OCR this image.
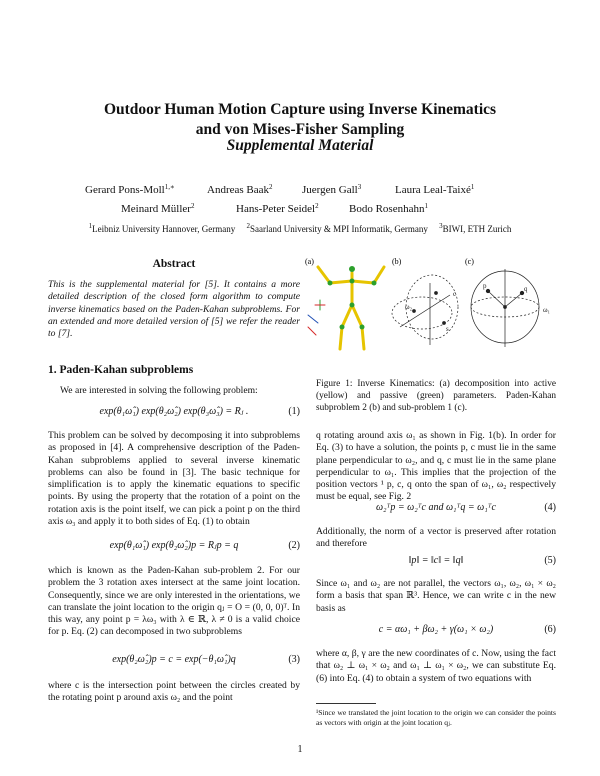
Outdoor Human Motion Capture using Inverse Kinematics
and von Mises-Fisher Sampling
Supplemental Material
Gerard Pons-Moll$^{1,∗}$	Andreas Baak$^2$	Juergen Gall$^3$	Laura Leal-Taixé$^1$
Meinard Müller$^2$	Hans-Peter Seidel$^2$	Bodo Rosenhahn$^1$
$^1$Leibniz University Hannover, Germany $^2$Saarland University & MPI Informatik, Germany $^3$BIWI, ETH Zurich
Abstract

This is the supplemental material for [5]. It contains a more detailed description of the closed form algorithm to compute inverse kinematics based on the Paden-Kahan subproblems. For an extended and more detailed version of [5] we refer the reader to [7].

1. Paden-Kahan subproblems

We are interested in solving the following problem:

exp(θ₁ω̂₁) exp(θ₂ω̂₂) exp(θ₃ω̂₃) = Rⱼ .	(1)

This problem can be solved by decomposing it into subproblems as proposed in [4]. A comprehensive description of the Paden-Kahan subproblems applied to several inverse kinematic problems can also be found in [3]. The basic technique for simplification is to apply the kinematic equations to specific points. By using the property that the rotation of a point on the rotation axis is the point itself, we can pick a point p on the third axis ω₃ and apply it to both sides of Eq. (1) to obtain

exp(θ₁ω̂₁) exp(θ₂ω̂₂)p = Rⱼp = q	(2)

which is known as the Paden-Kahan sub-problem 2. For our problem the 3 rotation axes intersect at the same joint location. Consequently, since we are only interested in the orientations, we can translate the joint location to the origin qⱼ = O = (0, 0, 0)ᵀ. In this way, any point p = λω₃ with λ ∈ ℝ, λ ≠ 0 is a valid choice for p. Eq. (2) can decomposed in two subproblems

exp(θ₂ω̂₂)p = c = exp(−θ₁ω̂₁)q	(3)

where c is the intersection point between the circles created by the rotating point p around axis ω₂ and the point

(a)	(b)	(c)
p	q
ω₁
c
ω₂
s

Figure 1: Inverse Kinematics: (a) decomposition into active (yellow) and passive (green) parameters. Paden-Kahan subproblem 2 (b) and sub-problem 1 (c).

q rotating around axis ω₁ as shown in Fig. 1(b). In order for Eq. (3) to have a solution, the points p, c must lie in the same plane perpendicular to ω₂, and q, c must lie in the same plane perpendicular to ω₁. This implies that the projection of the position vectors ¹ p, c, q onto the span of ω₁, ω₂ respectively must be equal, see Fig. 2

ω₂ᵀp = ω₂ᵀc and ω₁ᵀq = ω₁ᵀc	(4)

Additionally, the norm of a vector is preserved after rotation and therefore

‖p‖ = ‖c‖ = ‖q‖	(5)

Since ω₁ and ω₂ are not parallel, the vectors ω₁, ω₂, ω₁ × ω₂ form a basis that span ℝ³. Hence, we can write c in the new basis as

c = αω₁ + βω₂ + γ(ω₁ × ω₂)	(6)

where α, β, γ are the new coordinates of c. Now, using the fact that ω₂ ⊥ ω₁ × ω₂ and ω₁ ⊥ ω₁ × ω₂, we can substitute Eq. (6) into Eq. (4) to obtain a system of two equations with

¹Since we translated the joint location to the origin we can consider the points as vectors with origin at the joint location qⱼ.

1
